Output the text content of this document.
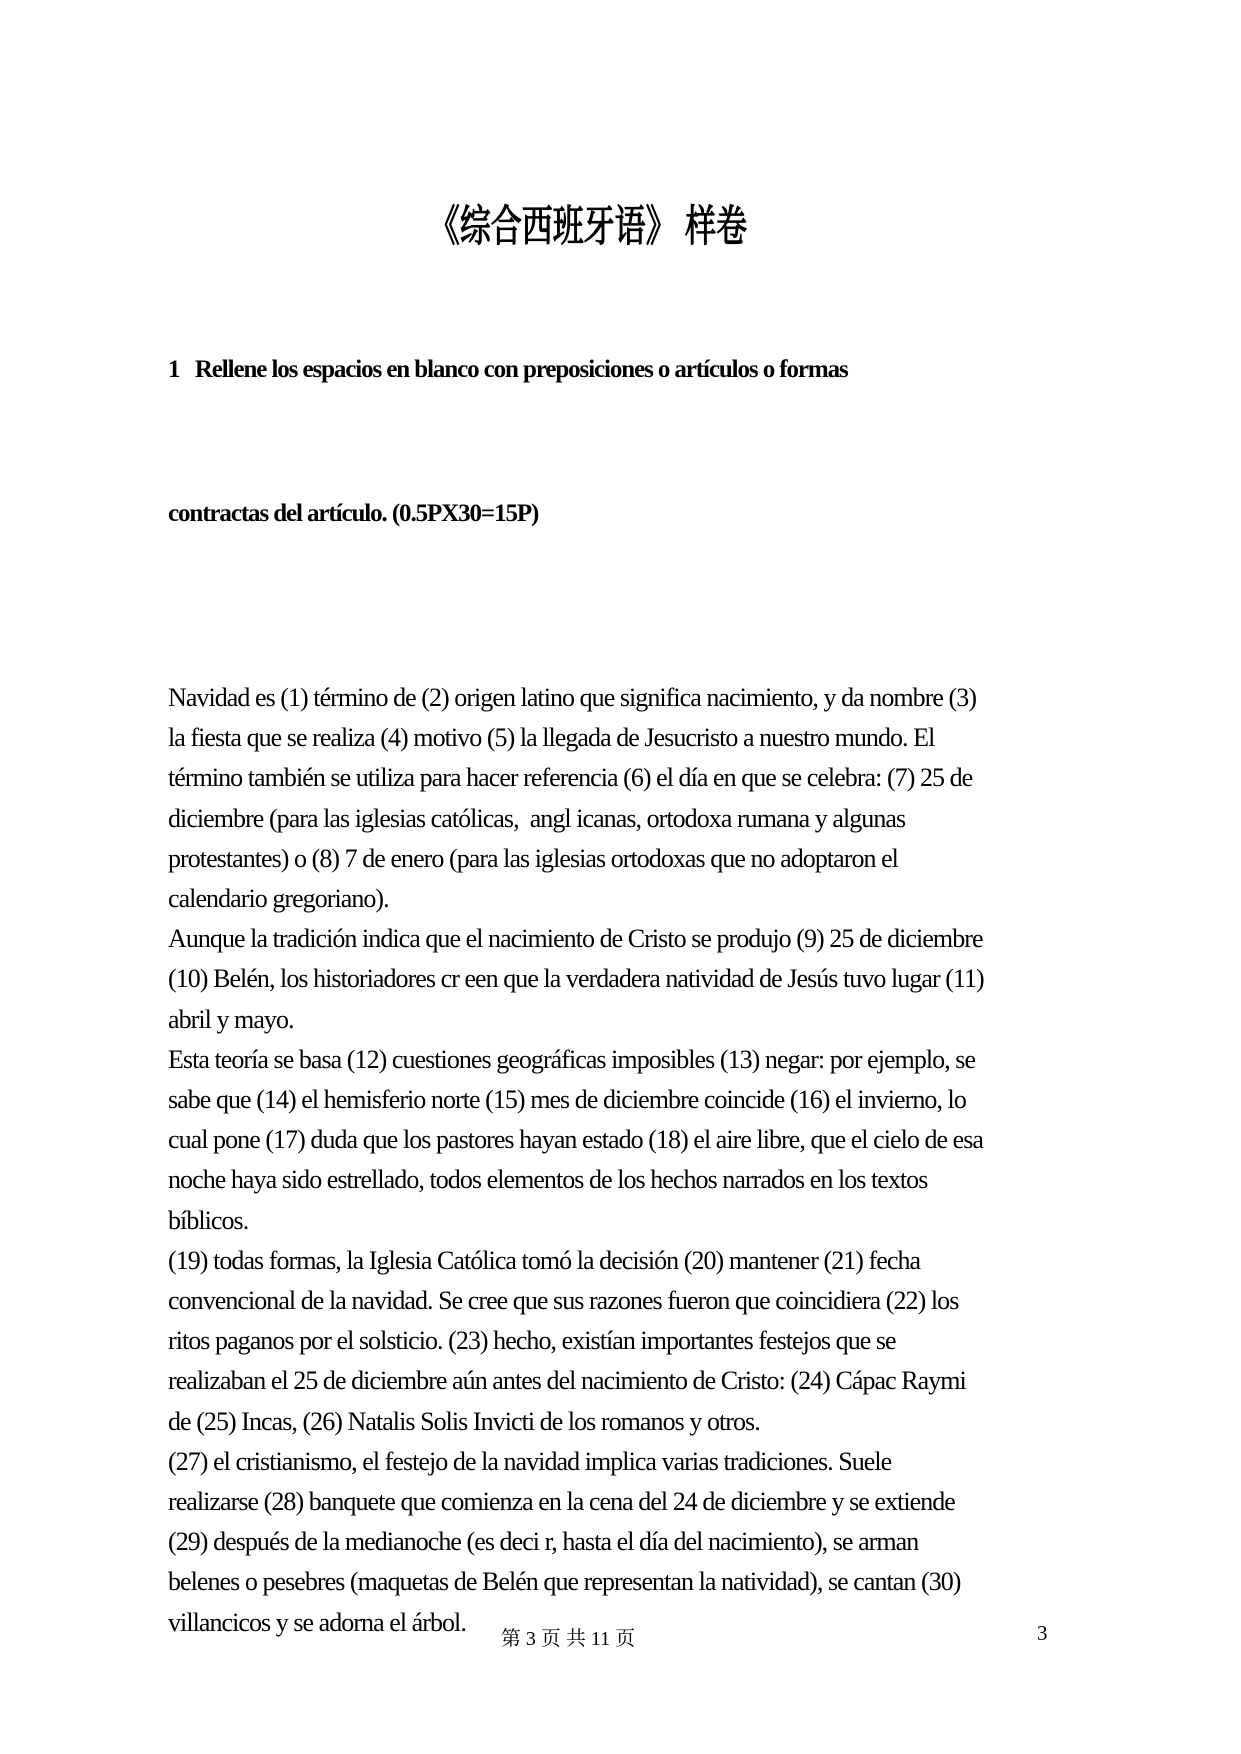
《综合西班牙语》 样卷

1   Rellene los espacios en blanco con preposiciones o artículos o formas

contractas del artículo. (0.5PX30=15P)

Navidad es (1) término de (2) origen latino que significa nacimiento, y da nombre (3)
la fiesta que se realiza (4) motivo (5) la llegada de Jesucristo a nuestro mundo. El
término también se utiliza para hacer referencia (6) el día en que se celebra: (7) 25 de
diciembre (para las iglesias católicas,  angl icanas, ortodoxa rumana y algunas
protestantes) o (8) 7 de enero (para las iglesias ortodoxas que no adoptaron el
calendario gregoriano).
Aunque la tradición indica que el nacimiento de Cristo se produjo (9) 25 de diciembre
(10) Belén, los historiadores cr een que la verdadera natividad de Jesús tuvo lugar (11)
abril y mayo.
Esta teoría se basa (12) cuestiones geográficas imposibles (13) negar: por ejemplo, se
sabe que (14) el hemisferio norte (15) mes de diciembre coincide (16) el invierno, lo
cual pone (17) duda que los pastores hayan estado (18) el aire libre, que el cielo de esa
noche haya sido estrellado, todos elementos de los hechos narrados en los textos
bíblicos.
(19) todas formas, la Iglesia Católica tomó la decisión (20) mantener (21) fecha
convencional de la navidad. Se cree que sus razones fueron que coincidiera (22) los
ritos paganos por el solsticio. (23) hecho, existían importantes festejos que se
realizaban el 25 de diciembre aún antes del nacimiento de Cristo: (24) Cápac Raymi
de (25) Incas, (26) Natalis Solis Invicti de los romanos y otros.
(27) el cristianismo, el festejo de la navidad implica varias tradiciones. Suele
realizarse (28) banquete que comienza en la cena del 24 de diciembre y se extiende
(29) después de la medianoche (es deci r, hasta el día del nacimiento), se arman
belenes o pesebres (maquetas de Belén que representan la natividad), se cantan (30)
villancicos y se adorna el árbol.
第 3 页 共 11 页	3
